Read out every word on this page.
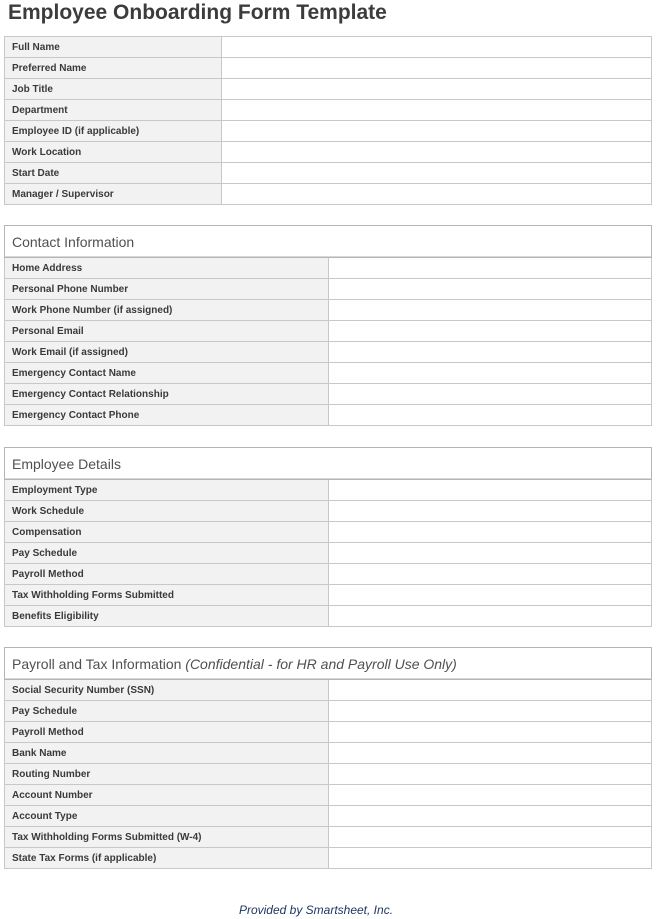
Employee Onboarding Form Template
Full Name	
Preferred Name	
Job Title	
Department	
Employee ID (if applicable)	
Work Location	
Start Date	
Manager / Supervisor	
Contact Information	
Home Address	
Personal Phone Number	
Work Phone Number (if assigned)	
Personal Email	
Work Email (if assigned)	
Emergency Contact Name	
Emergency Contact Relationship	
Emergency Contact Phone	
Employee Details	
Employment Type	
Work Schedule	
Compensation	
Pay Schedule	
Payroll Method	
Tax Withholding Forms Submitted	
Benefits Eligibility	
Payroll and Tax Information (Confidential - for HR and Payroll Use Only)	
Social Security Number (SSN)	
Pay Schedule	
Payroll Method	
Bank Name	
Routing Number	
Account Number	
Account Type	
Tax Withholding Forms Submitted (W-4)	
State Tax Forms (if applicable)	
Provided by Smartsheet, Inc.
